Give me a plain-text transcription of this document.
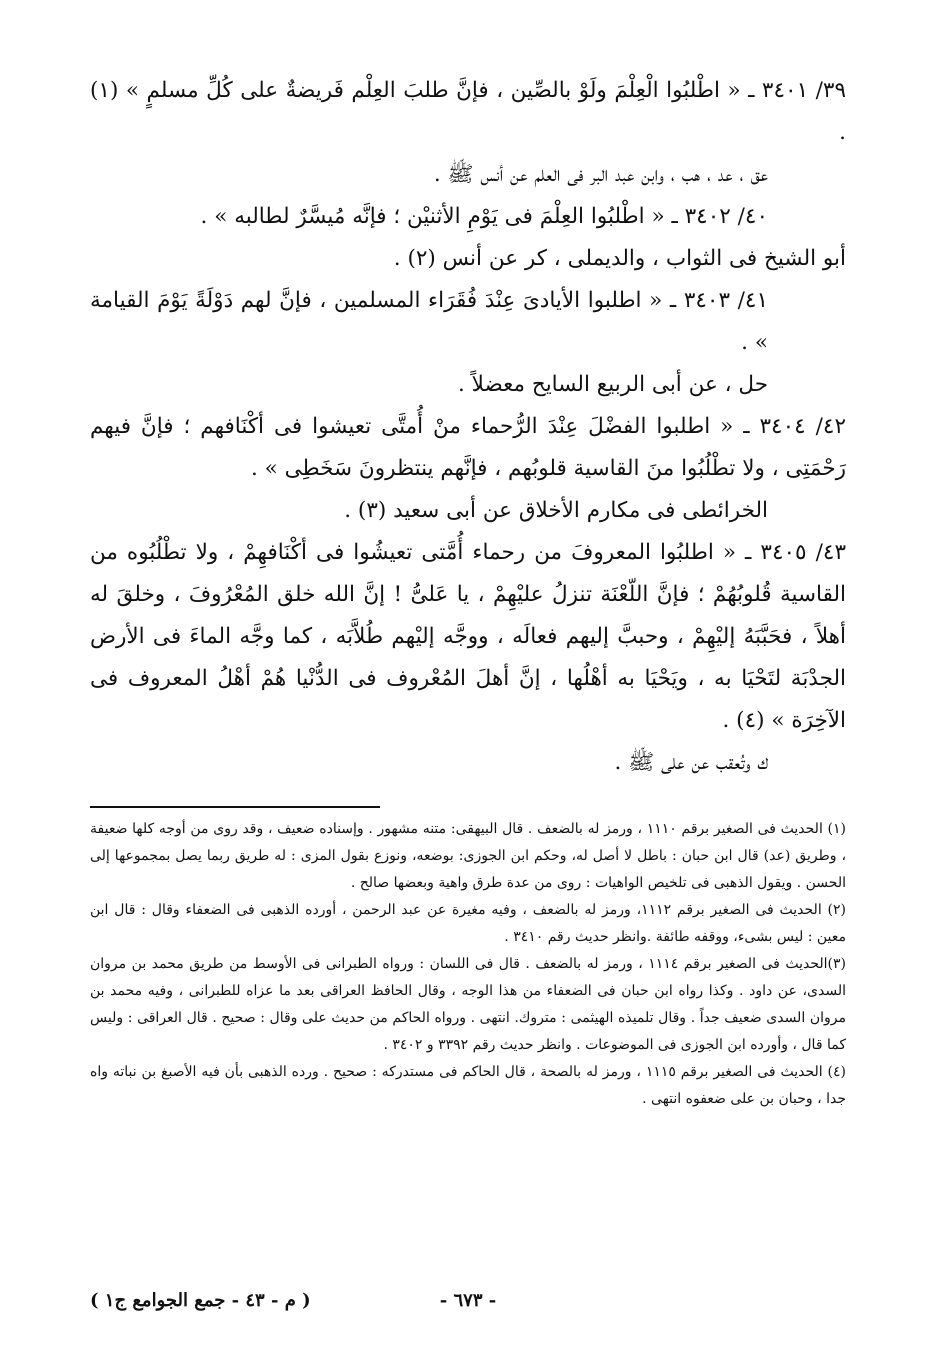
٣٩/ ٣٤٠١ ـ « اطْلبُوا الْعِلْمَ ولَوْ بالصِّين ، فإنَّ طلبَ العِلْم فَريضةٌ على كُلِّ مسلمٍ » (١) .

عق ، عد ، هب ، وابن عبد البر فى العلم عن أنس ﷺ .

٤٠/ ٣٤٠٢ ـ « اطْلبُوا العِلْمَ فى يَوْمِ الأثنيْن ؛ فإنَّه مُيسَّرٌ لطالبه » .

أبو الشيخ فى الثواب ، والديملى ، كر عن أنس (٢) .

٤١/ ٣٤٠٣ ـ « اطلبوا الأيادىَ عِنْدَ فُقَرَاء المسلمين ، فإنَّ لهم دَوْلَةً يَوْمَ القيامة » .

حل ، عن أبى الربيع السايح معضلاً .

٤٢/ ٣٤٠٤ ـ « اطلبوا الفضْلَ عِنْدَ الرُّحماء منْ أُمتَّى تعيشوا فى أكْنَافهم ؛ فإنَّ فيهم رَحْمَتِى ، ولا تطْلُبُوا منَ القاسية قلوبُهم ، فإنَّهم ينتظرونَ سَخَطِى » .

الخرائطى فى مكارم الأخلاق عن أبى سعيد (٣) .

٤٣/ ٣٤٠٥ ـ « اطلبُوا المعروفَ من رحماء أُمَّتى تعيشُوا فى أكْنَافهِمْ ، ولا تطْلُبُوه من القاسية قُلوبُهُمْ ؛ فإنَّ اللّعْنَة تنزلُ عليْهِمْ ، يا عَلىُّ ! إنَّ الله خلق المُعْرُوفَ ، وخلقَ له أهلاً ، فحَبَّبَهُ إليْهِمْ ، وحببَّ إليهم فعالَه ، ووجَّه إليْهم طُلاَّبَه ، كما وجَّه الماءَ فى الأرض الجدْبَة لتَحْيَا به ، ويَحْيَا به أهْلُها ، إنَّ أهلَ المُعْروف فى الدُّنْيا هُمْ أهْلُ المعروف فى الآخِرَة » (٤) .

ك وتُعقب عن على ﷺ .

(١) الحديث فى الصغير برقم ١١١٠ ، ورمز له بالضعف . قال البيهقى: متنه مشهور . وإسناده ضعيف ، وقد روى من أوجه كلها ضعيفة ، وطريق (عد) قال ابن حبان : باطل لا أصل له، وحكم ابن الجوزى: بوضعه، ونوزع بقول المزى : له طريق ربما يصل بمجموعها إلى الحسن . ويقول الذهبى فى تلخيص الواهيات : روى من عدة طرق واهية وبعضها صالح .

(٢) الحديث فى الصغير برقم ١١١٢، ورمز له بالضعف ، وفيه مغيرة عن عبد الرحمن ، أورده الذهبى فى الضعفاء وقال : قال ابن معين : ليس بشىء، ووقفه طائفة .وانظر حديث رقم ٣٤١٠ .

(٣)الحديث فى الصغير برقم ١١١٤ ، ورمز له بالضعف . قال فى اللسان : ورواه الطبرانى فى الأوسط من طريق محمد بن مروان السدى، عن داود . وكذا رواه ابن حبان فى الضعفاء من هذا الوجه ، وقال الحافظ العراقى بعد ما عزاه للطبرانى ، وفيه محمد بن مروان السدى ضعيف جداً . وقال تلميذه الهيثمى : متروك. انتهى . ورواه الحاكم من حديث على وقال : صحيح . قال العراقى : وليس كما قال ، وأورده ابن الجوزى فى الموضوعات . وانظر حديث رقم ٣٣٩٢ و ٣٤٠٢ .

(٤) الحديث فى الصغير برقم ١١١٥ ، ورمز له بالصحة ، قال الحاكم فى مستدركه : صحيح . ورده الذهبى بأن فيه الأصبغ بن نباته واه جدا ، وحبان بن على ضعفوه انتهى .

- ٦٧٣ -
( م - ٤٣ - جمع الجوامع ج١ )
